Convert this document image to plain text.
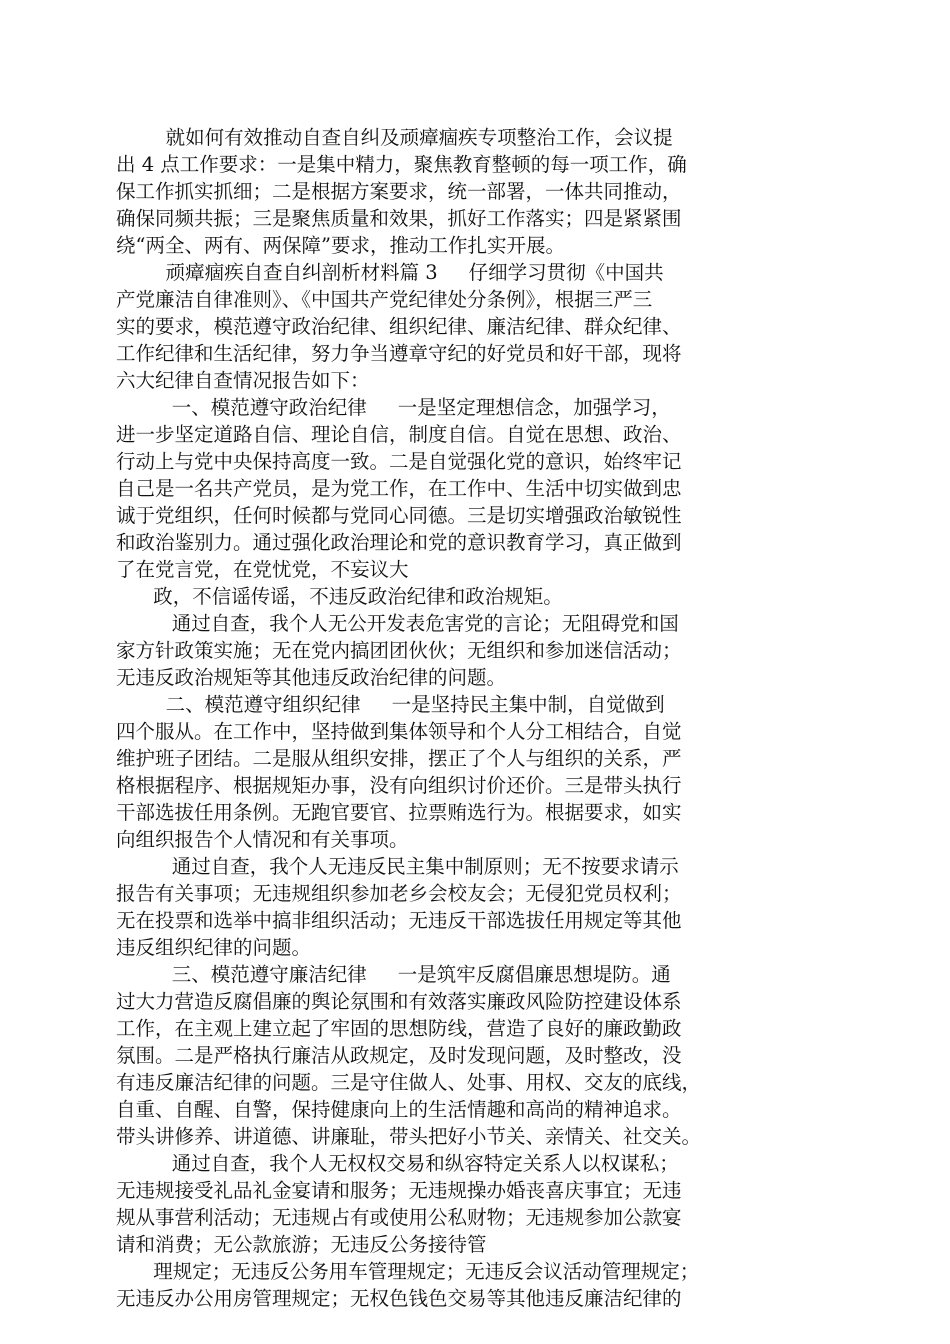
就如何有效推动自查自纠及顽瘴痼疾专项整治工作，会议提
出 4 点工作要求：一是集中精力，聚焦教育整顿的每一项工作，确
保工作抓实抓细；二是根据方案要求，统一部署，一体共同推动，
确保同频共振；三是聚焦质量和效果，抓好工作落实；四是紧紧围
绕“两全、两有、两保障”要求，推动工作扎实开展。
顽瘴痼疾自查自纠剖析材料篇 3     仔细学习贯彻《中国共
产党廉洁自律准则》、《中国共产党纪律处分条例》，根据三严三
实的要求，模范遵守政治纪律、组织纪律、廉洁纪律、群众纪律、
工作纪律和生活纪律，努力争当遵章守纪的好党员和好干部，现将
六大纪律自查情况报告如下：
一、模范遵守政治纪律     一是坚定理想信念，加强学习，
进一步坚定道路自信、理论自信，制度自信。自觉在思想、政治、
行动上与党中央保持高度一致。二是自觉强化党的意识，始终牢记
自己是一名共产党员，是为党工作，在工作中、生活中切实做到忠
诚于党组织，任何时候都与党同心同德。三是切实增强政治敏锐性
和政治鉴别力。通过强化政治理论和党的意识教育学习，真正做到
了在党言党，在党忧党，不妄议大
政，不信谣传谣，不违反政治纪律和政治规矩。
通过自查，我个人无公开发表危害党的言论；无阻碍党和国
家方针政策实施；无在党内搞团团伙伙；无组织和参加迷信活动；
无违反政治规矩等其他违反政治纪律的问题。
二、模范遵守组织纪律     一是坚持民主集中制，自觉做到
四个服从。在工作中，坚持做到集体领导和个人分工相结合，自觉
维护班子团结。二是服从组织安排，摆正了个人与组织的关系，严
格根据程序、根据规矩办事，没有向组织讨价还价。三是带头执行
干部选拔任用条例。无跑官要官、拉票贿选行为。根据要求，如实
向组织报告个人情况和有关事项。
通过自查，我个人无违反民主集中制原则；无不按要求请示
报告有关事项；无违规组织参加老乡会校友会；无侵犯党员权利；
无在投票和选举中搞非组织活动；无违反干部选拔任用规定等其他
违反组织纪律的问题。
三、模范遵守廉洁纪律     一是筑牢反腐倡廉思想堤防。通
过大力营造反腐倡廉的舆论氛围和有效落实廉政风险防控建设体系
工作，在主观上建立起了牢固的思想防线，营造了良好的廉政勤政
氛围。二是严格执行廉洁从政规定，及时发现问题，及时整改，没
有违反廉洁纪律的问题。三是守住做人、处事、用权、交友的底线，
自重、自醒、自警，保持健康向上的生活情趣和高尚的精神追求。
带头讲修养、讲道德、讲廉耻，带头把好小节关、亲情关、社交关。
通过自查，我个人无权权交易和纵容特定关系人以权谋私；
无违规接受礼品礼金宴请和服务；无违规操办婚丧喜庆事宜；无违
规从事营利活动；无违规占有或使用公私财物；无违规参加公款宴
请和消费；无公款旅游；无违反公务接待管
理规定；无违反公务用车管理规定；无违反会议活动管理规定；
无违反办公用房管理规定；无权色钱色交易等其他违反廉洁纪律的
